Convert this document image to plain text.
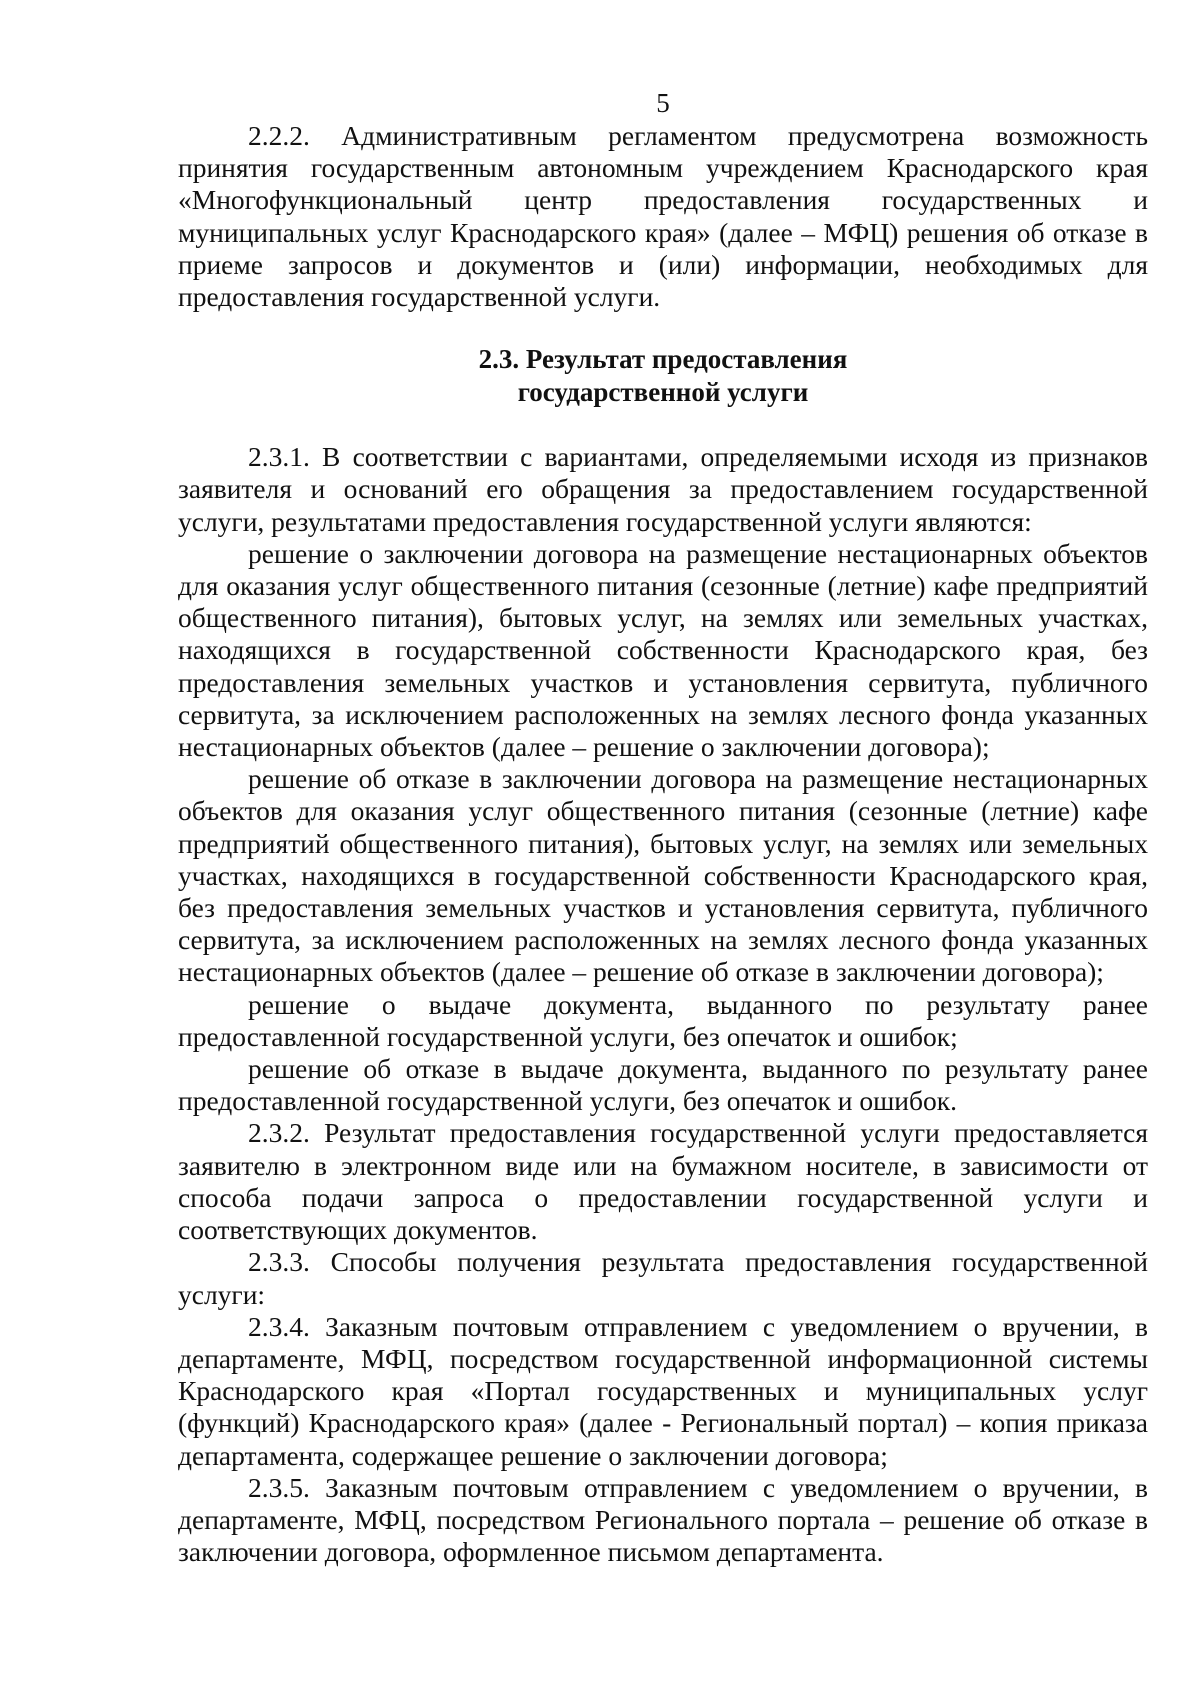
5

2.2.2. Административным регламентом предусмотрена возможность принятия государственным автономным учреждением Краснодарского края «Многофункциональный центр предоставления государственных и муниципальных услуг Краснодарского края» (далее – МФЦ) решения об отказе в приеме запросов и документов и (или) информации, необходимых для предоставления государственной услуги.

2.3. Результат предоставления
государственной услуги

2.3.1. В соответствии с вариантами, определяемыми исходя из признаков заявителя и оснований его обращения за предоставлением государственной услуги, результатами предоставления государственной услуги являются:

решение о заключении договора на размещение нестационарных объектов для оказания услуг общественного питания (сезонные (летние) кафе предприятий общественного питания), бытовых услуг, на землях или земельных участках, находящихся в государственной собственности Краснодарского края, без предоставления земельных участков и установления сервитута, публичного сервитута, за исключением расположенных на землях лесного фонда указанных нестационарных объектов (далее – решение о заключении договора);

решение об отказе в заключении договора на размещение нестационарных объектов для оказания услуг общественного питания (сезонные (летние) кафе предприятий общественного питания), бытовых услуг, на землях или земельных участках, находящихся в государственной собственности Краснодарского края, без предоставления земельных участков и установления сервитута, публичного сервитута, за исключением расположенных на землях лесного фонда указанных нестационарных объектов (далее – решение об отказе в заключении договора);

решение о выдаче документа, выданного по результату ранее предоставленной государственной услуги, без опечаток и ошибок;

решение об отказе в выдаче документа, выданного по результату ранее предоставленной государственной услуги, без опечаток и ошибок.

2.3.2. Результат предоставления государственной услуги предоставляется заявителю в электронном виде или на бумажном носителе, в зависимости от способа подачи запроса о предоставлении государственной услуги и соответствующих документов.

2.3.3. Способы получения результата предоставления государственной услуги:

2.3.4. Заказным почтовым отправлением с уведомлением о вручении, в департаменте, МФЦ, посредством государственной информационной системы Краснодарского края «Портал государственных и муниципальных услуг (функций) Краснодарского края» (далее - Региональный портал) – копия приказа департамента, содержащее решение о заключении договора;

2.3.5. Заказным почтовым отправлением с уведомлением о вручении, в департаменте, МФЦ, посредством Регионального портала – решение об отказе в заключении договора, оформленное письмом департамента.
